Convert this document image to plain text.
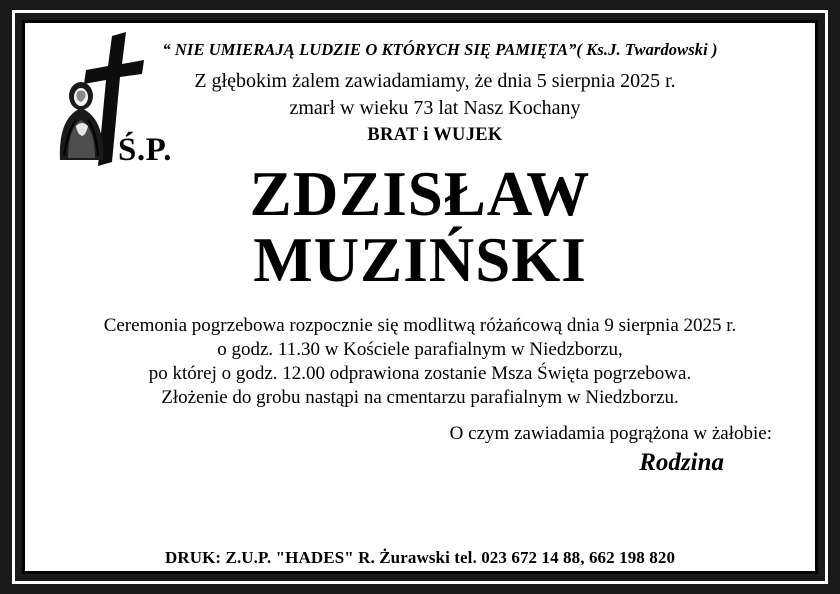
Ś.P.
“ NIE UMIERAJĄ LUDZIE O KTÓRYCH SIĘ PAMIĘTA”( Ks.J. Twardowski )
Z głębokim żalem zawiadamiamy, że dnia 5 sierpnia 2025 r.
zmarł w wieku 73 lat Nasz Kochany
BRAT i WUJEK
ZDZISŁAW
MUZIŃSKI

Ceremonia pogrzebowa rozpocznie się modlitwą różańcową dnia 9 sierpnia 2025 r.

o godz. 11.30 w Kościele parafialnym w Niedzborzu,

po której o godz. 12.00 odprawiona zostanie Msza Święta pogrzebowa.

Złożenie do grobu nastąpi na cmentarzu parafialnym w Niedzborzu.

O czym zawiadamia pogrążona w żałobie:
Rodzina
DRUK: Z.U.P. "HADES" R. Żurawski tel. 023 672 14 88, 662 198 820
